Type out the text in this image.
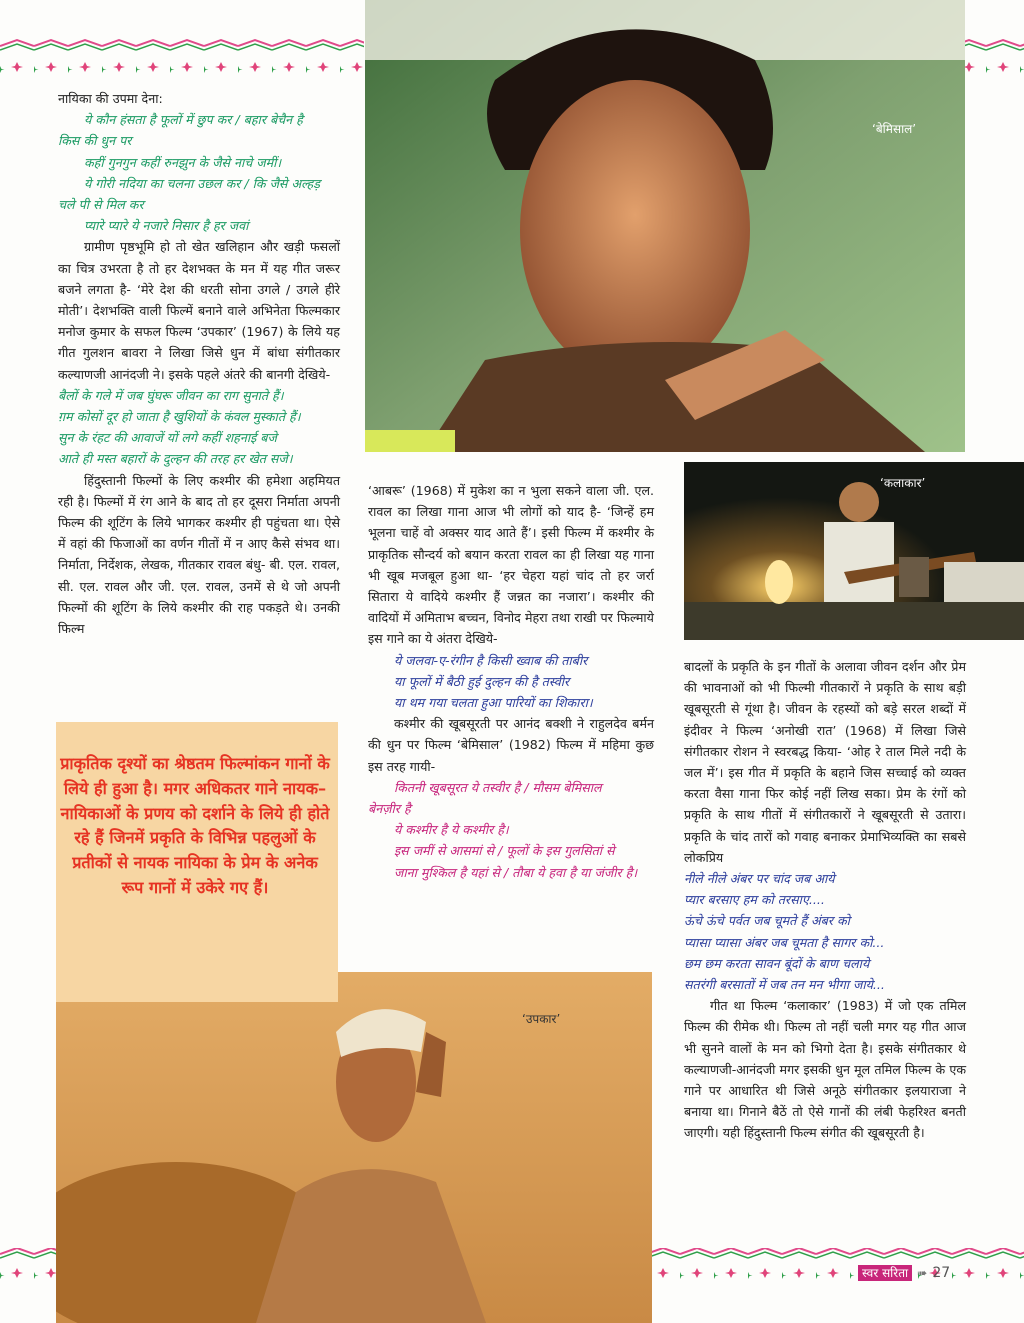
‘बेमिसाल’
‘कलाकार’
प्राकृतिक दृश्यों का श्रेष्ठतम फिल्मांकन गानों के लिये ही हुआ है। मगर अधिकतर गाने नायक–नायिकाओं के प्रणय को दर्शाने के लिये ही होते रहे हैं जिनमें प्रकृति के विभिन्न पहलुओं के प्रतीकों से नायक नायिका के प्रेम के अनेक रूप गानों में उकेरे गए हैं।
‘उपकार’

नायिका की उपमा देना:

ये कौन हंसता है फूलों में छुप कर / बहार बेचैन है
किस की धुन पर
कहीं गुनगुन कहीं रुनझुन के जैसे नाचे जमीं।
ये गोरी नदिया का चलना उछल कर / कि जैसे अल्हड़
चले पी से मिल कर
प्यारे प्यारे ये नजारे निसार है हर जवां

ग्रामीण पृष्ठभूमि हो तो खेत खलिहान और खड़ी फसलों का चित्र उभरता है तो हर देशभक्त के मन में यह गीत जरूर बजने लगता है- ‘मेरे देश की धरती सोना उगले / उगले हीरे मोती’। देशभक्ति वाली फिल्में बनाने वाले अभिनेता फिल्मकार मनोज कुमार के सफल फिल्म ‘उपकार’ (1967) के लिये यह गीत गुलशन बावरा ने लिखा जिसे धुन में बांधा संगीतकार कल्याणजी आनंदजी ने। इसके पहले अंतरे की बानगी देखिये-

बैलों के गले में जब घुंघरू जीवन का राग सुनाते हैं।
ग़म कोसों दूर हो जाता है खुशियों के कंवल मुस्काते हैं।
सुन के रंहट की आवाजें यों लगे कहीं शहनाई बजे
आते ही मस्त बहारों के दुल्हन की तरह हर खेत सजे।

हिंदुस्तानी फिल्मों के लिए कश्मीर की हमेशा अहमियत रही है। फिल्मों में रंग आने के बाद तो हर दूसरा निर्माता अपनी फिल्म की शूटिंग के लिये भागकर कश्मीर ही पहुंचता था। ऐसे में वहां की फिजाओं का वर्णन गीतों में न आए कैसे संभव था। निर्माता, निर्देशक, लेखक, गीतकार रावल बंधु- बी. एल. रावल, सी. एल. रावल और जी. एल. रावल, उनमें से थे जो अपनी फिल्मों की शूटिंग के लिये कश्मीर की राह पकड़ते थे। उनकी फिल्म

‘आबरू’ (1968) में मुकेश का न भुला सकने वाला जी. एल. रावल का लिखा गाना आज भी लोगों को याद है- ‘जिन्हें हम भूलना चाहें वो अक्सर याद आते हैं’। इसी फिल्म में कश्मीर के प्राकृतिक सौन्दर्य को बयान करता रावल का ही लिखा यह गाना भी खूब मजबूल हुआ था- ‘हर चेहरा यहां चांद तो हर जर्रा सितारा ये वादिये कश्मीर हैं जन्नत का नजारा’। कश्मीर की वादियों में अमिताभ बच्चन, विनोद मेहरा तथा राखी पर फिल्माये इस गाने का ये अंतरा देखिये-

ये जलवा-ए-रंगीन है किसी ख्वाब की ताबीर
या फूलों में बैठी हुई दुल्हन की है तस्वीर
या थम गया चलता हुआ पारियों का शिकारा।

कश्मीर की खूबसूरती पर आनंद बक्शी ने राहुलदेव बर्मन की धुन पर फिल्म ‘बेमिसाल’ (1982) फिल्म में महिमा कुछ इस तरह गायी-

कितनी खूबसूरत ये तस्वीर है / मौसम बेमिसाल
बेनज़ीर है
ये कश्मीर है ये कश्मीर है।
इस जमीं से आसमां से / फूलों के इस गुलसितां से
जाना मुश्किल है यहां से / तौबा ये हवा है या जंजीर है।

बादलों के प्रकृति के इन गीतों के अलावा जीवन दर्शन और प्रेम की भावनाओं को भी फिल्मी गीतकारों ने प्रकृति के साथ बड़ी खूबसूरती से गूंथा है। जीवन के रहस्यों को बड़े सरल शब्दों में इंदीवर ने फिल्म ‘अनोखी रात’ (1968) में लिखा जिसे संगीतकार रोशन ने स्वरबद्ध किया- ‘ओह रे ताल मिले नदी के जल में’। इस गीत में प्रकृति के बहाने जिस सच्चाई को व्यक्त करता वैसा गाना फिर कोई नहीं लिख सका। प्रेम के रंगों को प्रकृति के साथ गीतों में संगीतकारों ने खूबसूरती से उतारा। प्रकृति के चांद तारों को गवाह बनाकर प्रेमाभिव्यक्ति का सबसे लोकप्रिय

नीले नीले अंबर पर चांद जब आये
प्यार बरसाए हम को तरसाए....
ऊंचे ऊंचे पर्वत जब चूमते हैं अंबर को
प्यासा प्यासा अंबर जब चूमता है सागर को...
छम छम करता सावन बूंदों के बाण चलाये
सतरंगी बरसातों में जब तन मन भीगा जाये...

गीत था फिल्म ‘कलाकार’ (1983) में जो एक तमिल फिल्म की रीमेक थी। फिल्म तो नहीं चली मगर यह गीत आज भी सुनने वालों के मन को भिगो देता है। इसके संगीतकार थे कल्याणजी-आनंदजी मगर इसकी धुन मूल तमिल फिल्म के एक गाने पर आधारित थी जिसे अनूठे संगीतकार इलयाराजा ने बनाया था। गिनाने बैठें तो ऐसे गानों की लंबी फेहरिश्त बनती जाएगी। यही हिंदुस्तानी फिल्म संगीत की खूबसूरती है।

स्वर सरिता ➠ 27
